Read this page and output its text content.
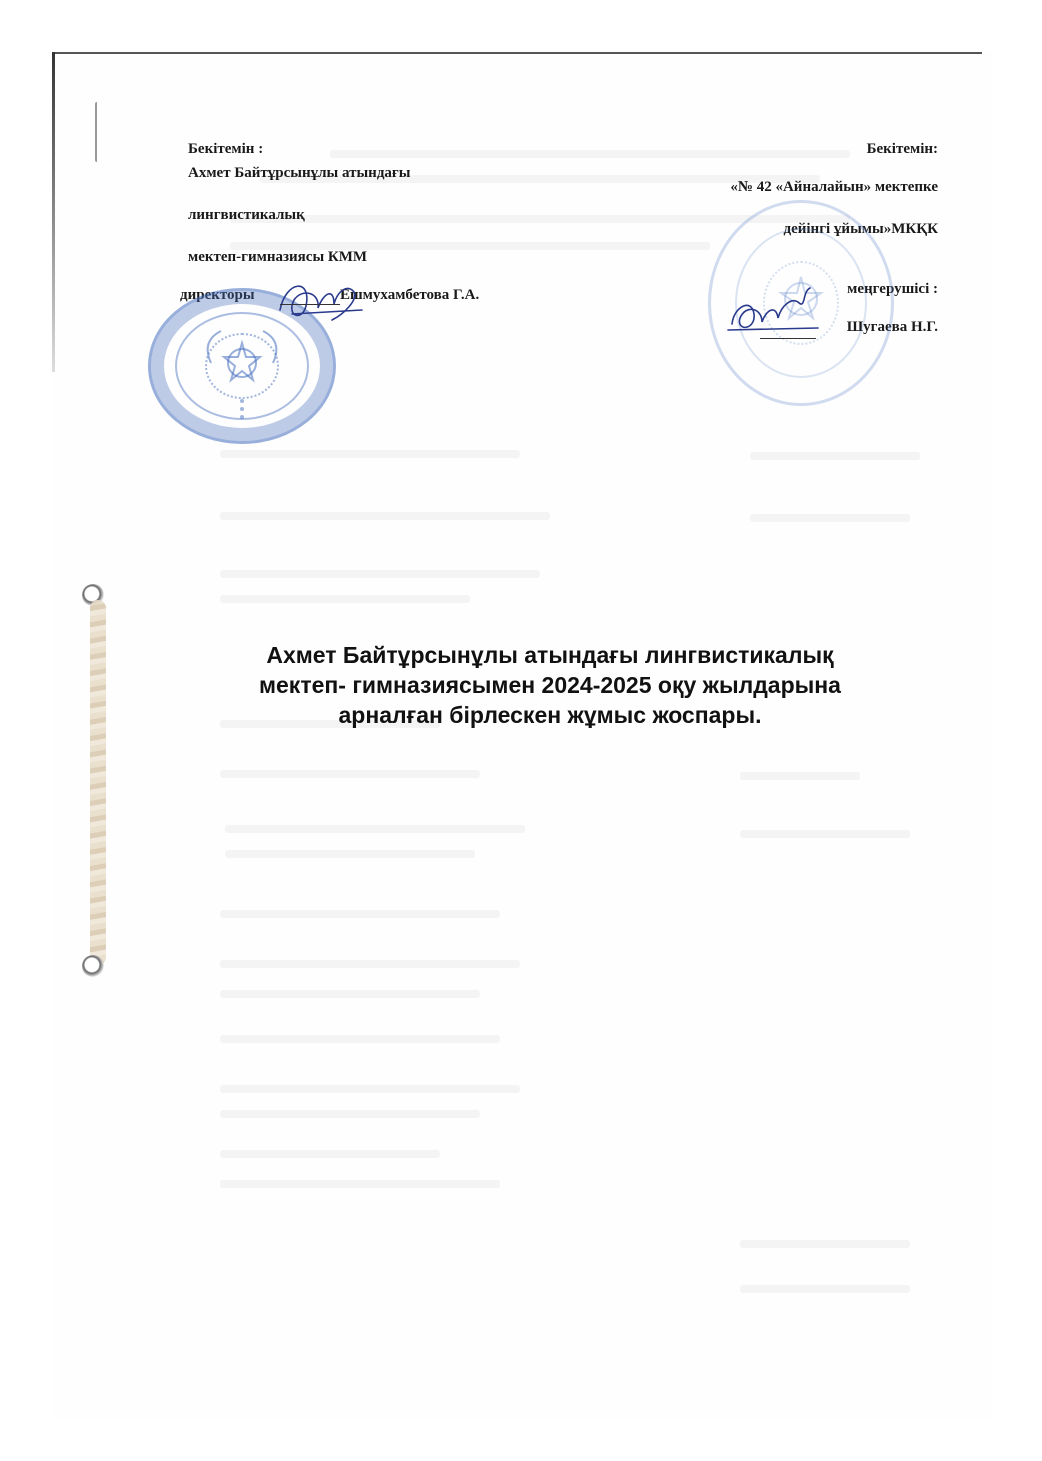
Бекітемін :
Ахмет Байтұрсынұлы атындағы
лингвистикалық
мектеп-гимназиясы КММ
директоры	Ешмухамбетова Г.А.
Бекітемін:
«№ 42 «Айналайын» мектепке
дейінгі ұйымы»МКҚК
меңгерушісі :
Шугаева Н.Г.
Ахмет Байтұрсынұлы атындағы лингвистикалық
мектеп- гимназиясымен 2024-2025 оқу жылдарына
арналған бірлескен жұмыс жоспары.
